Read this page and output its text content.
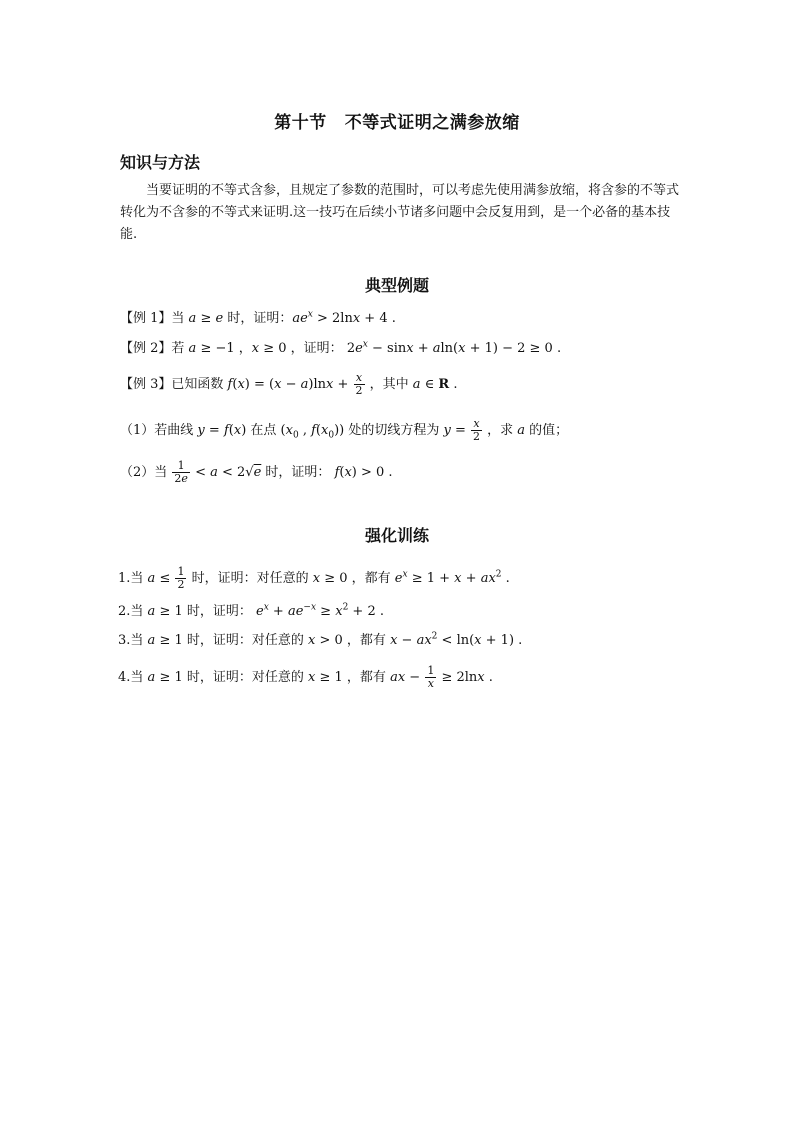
第十节 不等式证明之满参放缩
知识与方法
当要证明的不等式含参，且规定了参数的范围时，可以考虑先使用满参放缩，将含参的不等式转化为不含参的不等式来证明.这一技巧在后续小节诸多问题中会反复用到，是一个必备的基本技能.
典型例题
【例 1】当 a ≥ e 时，证明：$ae^x > 2\ln x + 4$ .
【例 2】若 a ≥ −1 ，x ≥ 0 ，证明： $2e^x - \sin x + aln(x + 1) - 2 \ge 0$ .
【例 3】已知函数 $f(x) = (x - a)\ln x + \frac{x}{2}$ ，其中 a ∈ R .
（1）若曲线 y = f(x) 在点 ($x_0$ , $f(x_0)$) 处的切线方程为 $y = \frac{x}{2}$ ，求 a 的值；
（2）当 $\frac{1}{2e} < a < 2√e$ 时，证明： f(x) > 0 .
强化训练
1.当 $a \le \frac{1}{2}$ 时，证明：对任意的 x ≥ 0 ，都有 $e^x \ge 1 + x + ax^2$ .
2.当 a ≥ 1 时，证明： $e^x + ae^{-x} \ge x^2 + 2$ .
3.当 a ≥ 1 时，证明：对任意的 x > 0 ，都有 $x - ax^2 < \ln(x + 1)$ .
4.当 a ≥ 1 时，证明：对任意的 x ≥ 1 ，都有 ax − $\frac{1}{x} \ge 2\ln x$ .
